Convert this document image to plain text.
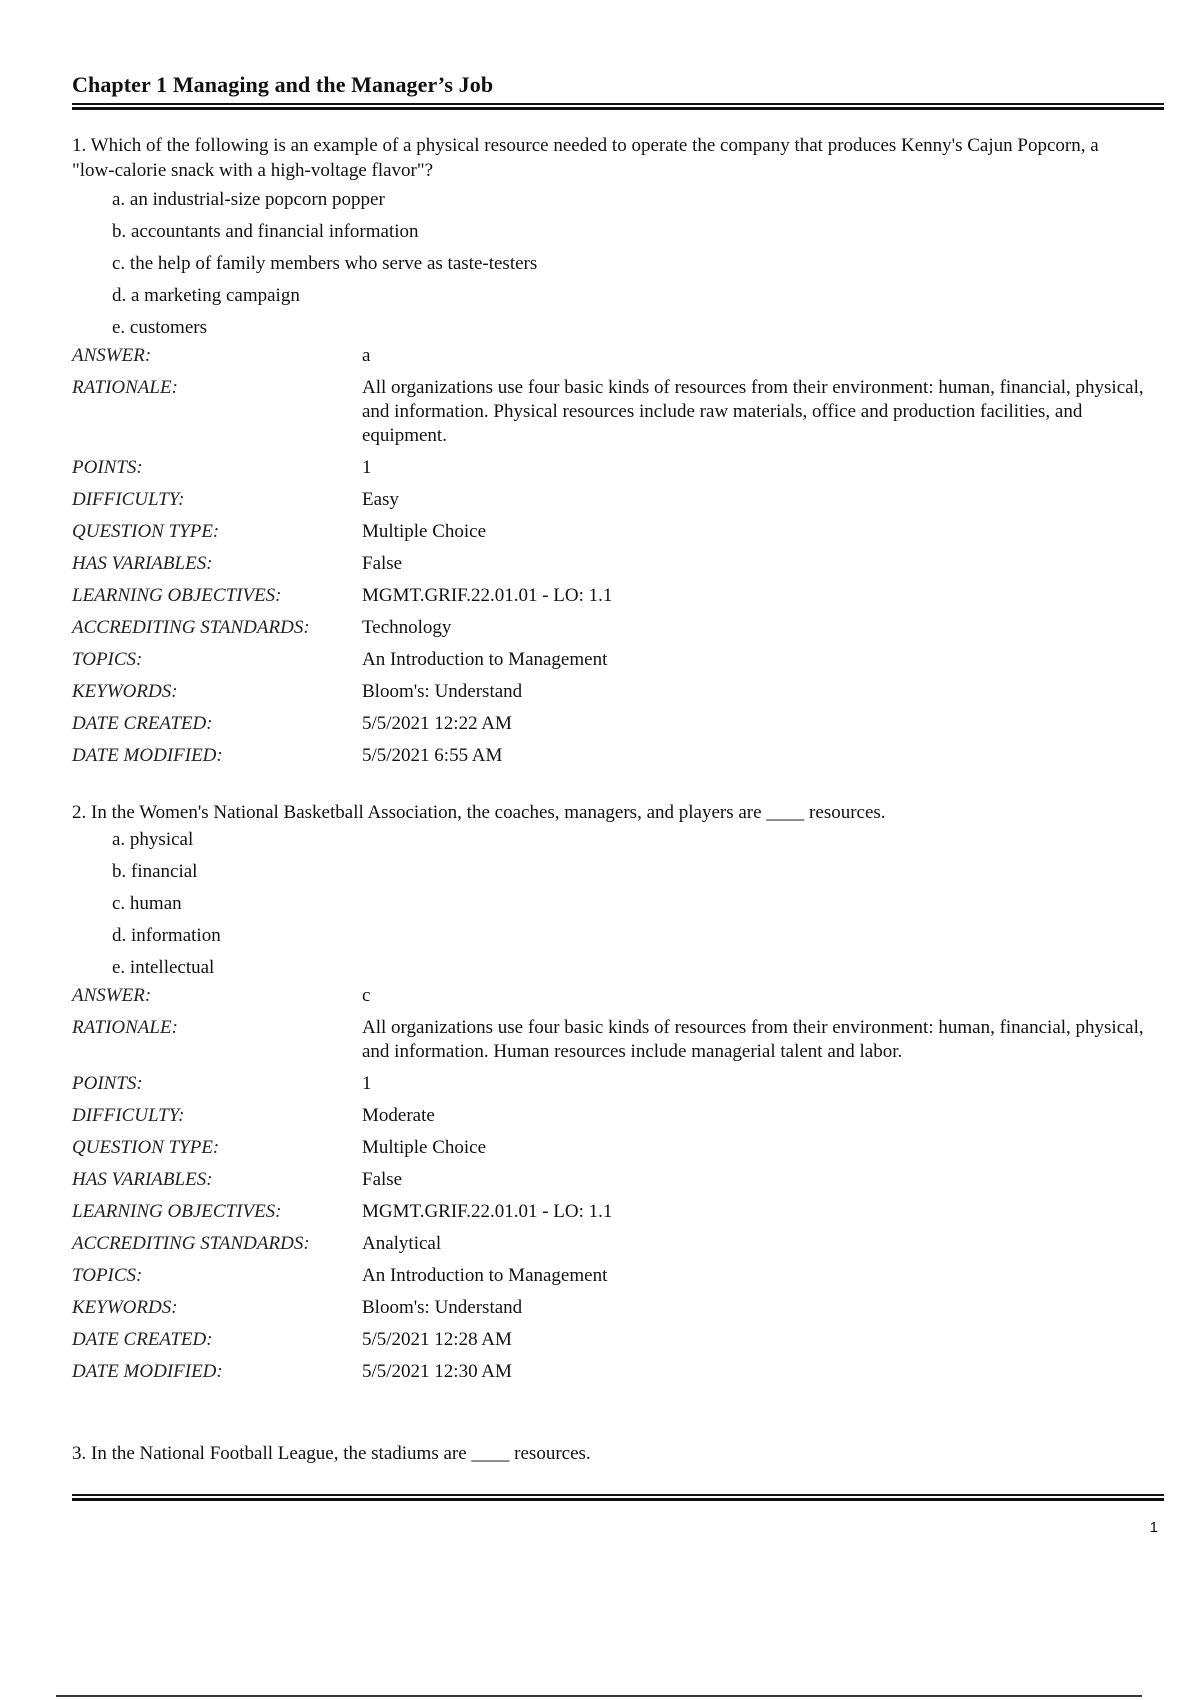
Chapter 1 Managing and the Manager’s Job

1. Which of the following is an example of a physical resource needed to operate the company that produces Kenny's Cajun Popcorn, a "low-calorie snack with a high-voltage flavor"?

a. an industrial-size popcorn popper
b. accountants and financial information
c. the help of family members who serve as taste-testers
d. a marketing campaign
e. customers
ANSWER:	a
RATIONALE:	All organizations use four basic kinds of resources from their environment: human, financial, physical, and information. Physical resources include raw materials, office and production facilities, and equipment.
POINTS:	1
DIFFICULTY:	Easy
QUESTION TYPE:	Multiple Choice
HAS VARIABLES:	False
LEARNING OBJECTIVES:	MGMT.GRIF.22.01.01 - LO: 1.1
ACCREDITING STANDARDS:	Technology
TOPICS:	An Introduction to Management
KEYWORDS:	Bloom's: Understand
DATE CREATED:	5/5/2021 12:22 AM
DATE MODIFIED:	5/5/2021 6:55 AM

2. In the Women's National Basketball Association, the coaches, managers, and players are ____ resources.

a. physical
b. financial
c. human
d. information
e. intellectual
ANSWER:	c
RATIONALE:	All organizations use four basic kinds of resources from their environment: human, financial, physical, and information. Human resources include managerial talent and labor.
POINTS:	1
DIFFICULTY:	Moderate
QUESTION TYPE:	Multiple Choice
HAS VARIABLES:	False
LEARNING OBJECTIVES:	MGMT.GRIF.22.01.01 - LO: 1.1
ACCREDITING STANDARDS:	Analytical
TOPICS:	An Introduction to Management
KEYWORDS:	Bloom's: Understand
DATE CREATED:	5/5/2021 12:28 AM
DATE MODIFIED:	5/5/2021 12:30 AM

3. In the National Football League, the stadiums are ____ resources.

1
